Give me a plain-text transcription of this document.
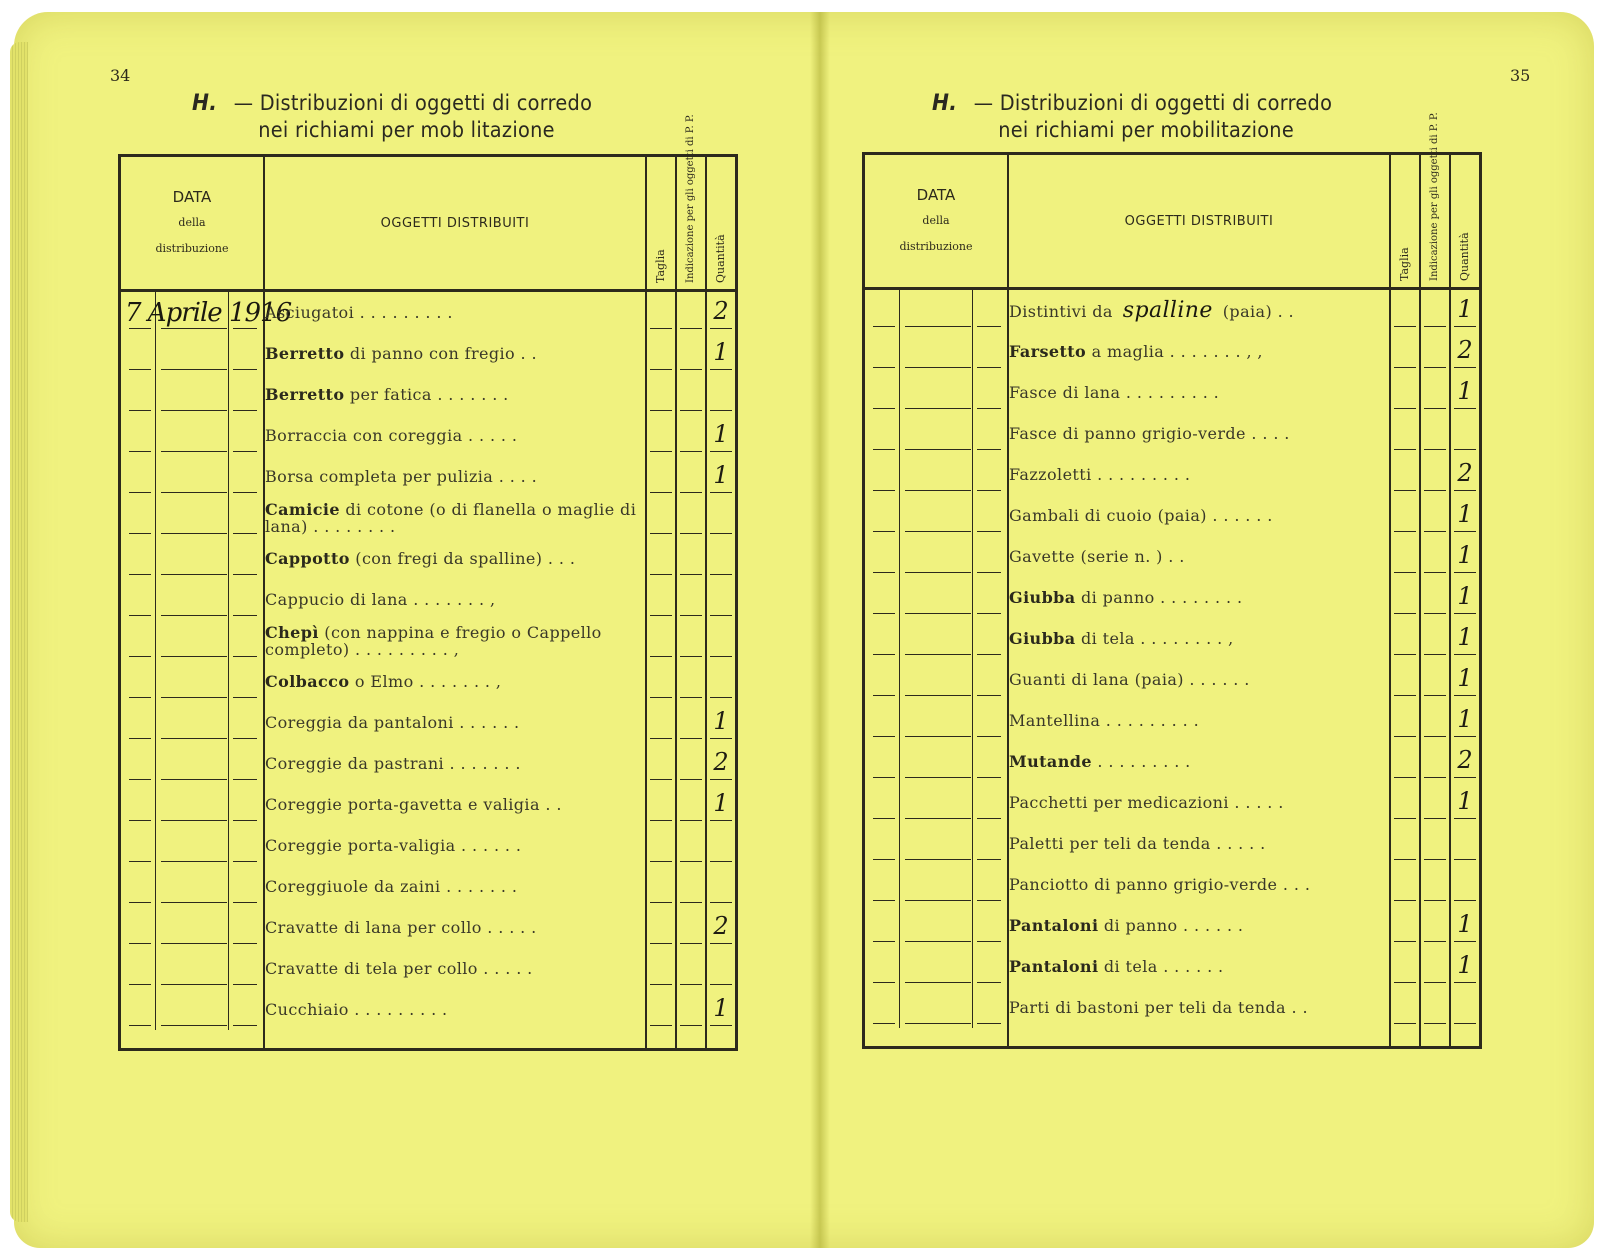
34
H. — Distribuzioni di oggetti di corredo
nei richiami per mob litazione
DATA
della
distribuzione	OGGETTI DISTRIBUITI	Taglia	Indicazione per gli oggetti di P. P.	Quantità

7 Aprile 1916	Asciugatoi . . . . . . . . .			2

	Berretto di panno con fregio . .			1

	Berretto per fatica . . . . . . .	

	Borraccia con coreggia . . . . .			1

	Borsa completa per pulizia . . . .			1

	Camicie di cotone (o di flanella o maglie di lana) . . . . . . . .	

	Cappotto (con fregi da spalline) . . .	

	Cappucio di lana . . . . . . . ,	

	Chepì (con nappina e fregio o Cappello completo) . . . . . . . . . ,	

	Colbacco o Elmo . . . . . . . ,	

	Coreggia da pantaloni . . . . . .			1

	Coreggie da pastrani . . . . . . .			2

	Coreggie porta-gavetta e valigia . .			1

	Coreggie porta-valigia . . . . . .	

	Coreggiuole da zaini . . . . . . .	

	Cravatte di lana per collo . . . . .			2

	Cravatte di tela per collo . . . . .	

	Cucchiaio . . . . . . . . .			1

35
H. — Distribuzioni di oggetti di corredo
nei richiami per mobilitazione
DATA
della
distribuzione	OGGETTI DISTRIBUITI	Taglia	Indicazione per gli oggetti di P. P.	Quantità

	Distintivi da spalline (paia) . .			1

	Farsetto a maglia . . . . . . . , ,			2

	Fasce di lana . . . . . . . . .			1

	Fasce di panno grigio-verde . . . .	

	Fazzoletti . . . . . . . . .			2

	Gambali di cuoio (paia) . . . . . .			1

	Gavette (serie n. ) . .			1

	Giubba di panno . . . . . . . .			1

	Giubba di tela . . . . . . . . ,			1

	Guanti di lana (paia) . . . . . .			1

	Mantellina . . . . . . . . .			1

	Mutande . . . . . . . . .			2

	Pacchetti per medicazioni . . . . .			1

	Paletti per teli da tenda . . . . .	

	Panciotto di panno grigio-verde . . .	

	Pantaloni di panno . . . . . .			1

	Pantaloni di tela . . . . . .			1

	Parti di bastoni per teli da tenda . .	
